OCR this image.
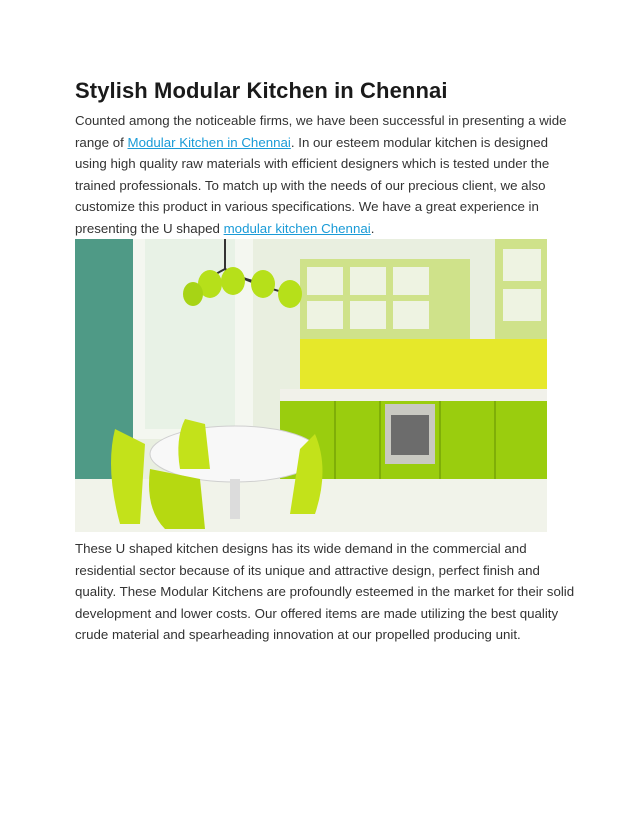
Stylish Modular Kitchen in Chennai

Counted among the noticeable firms, we have been successful in presenting a wide range of Modular Kitchen in Chennai. In our esteem modular kitchen is designed using high quality raw materials with efficient designers which is tested under the trained professionals. To match up with the needs of our precious client, we also customize this product in various specifications. We have a great experience in presenting the U shaped modular kitchen Chennai.

These U shaped kitchen designs has its wide demand in the commercial and residential sector because of its unique and attractive design, perfect finish and quality. These Modular Kitchens are profoundly esteemed in the market for their solid development and lower costs. Our offered items are made utilizing the best quality crude material and spearheading innovation at our propelled producing unit.
